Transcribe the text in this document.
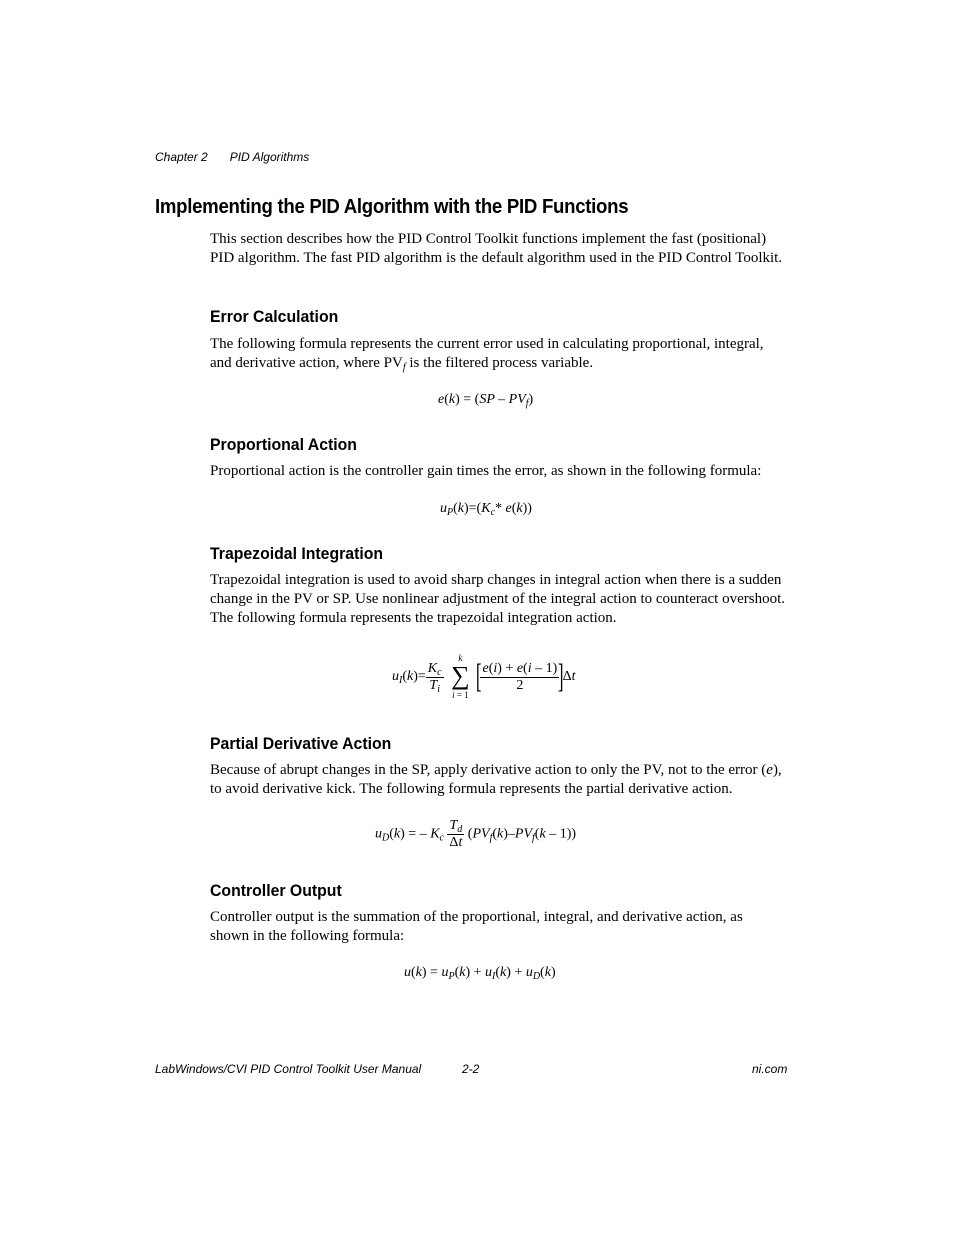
Chapter 2 PID Algorithms
Implementing the PID Algorithm with the PID Functions

This section describes how the PID Control Toolkit functions implement the fast (positional) PID algorithm. The fast PID algorithm is the default algorithm used in the PID Control Toolkit.

Error Calculation

The following formula represents the current error used in calculating proportional, integral, and derivative action, where $PV_f$ is the filtered process variable.

$e(k) = (SP - PV_f)$
Proportional Action

Proportional action is the controller gain times the error, as shown in the following formula:

$u_P(k)=(K_c*$ e(k))
Trapezoidal Integration

Trapezoidal integration is used to avoid sharp changes in integral action when there is a sudden change in the PV or SP. Use nonlinear adjustment of the integral action to counteract overshoot. The following formula represents the trapezoidal integration action.

$u_I(k)= \frac{K_c}{T_i}$

k
∑
i = 1 [
$\frac{e(i) + e(i - 1)}{2}$
]Δt
Partial Derivative Action

Because of abrupt changes in the SP, apply derivative action to only the PV, not to the error (e), to avoid derivative kick. The following formula represents the partial derivative action.

$u_D(k)$ = – $K_c \frac{T_d}{\Delta t} (PV_f(k)-PV_f(k - 1))$
Controller Output

Controller output is the summation of the proportional, integral, and derivative action, as shown in the following formula:

$u(k) = u_P(k) + u_I(k) + u_D(k)$
LabWindows/CVI PID Control Toolkit User Manual	2-2	ni.com
